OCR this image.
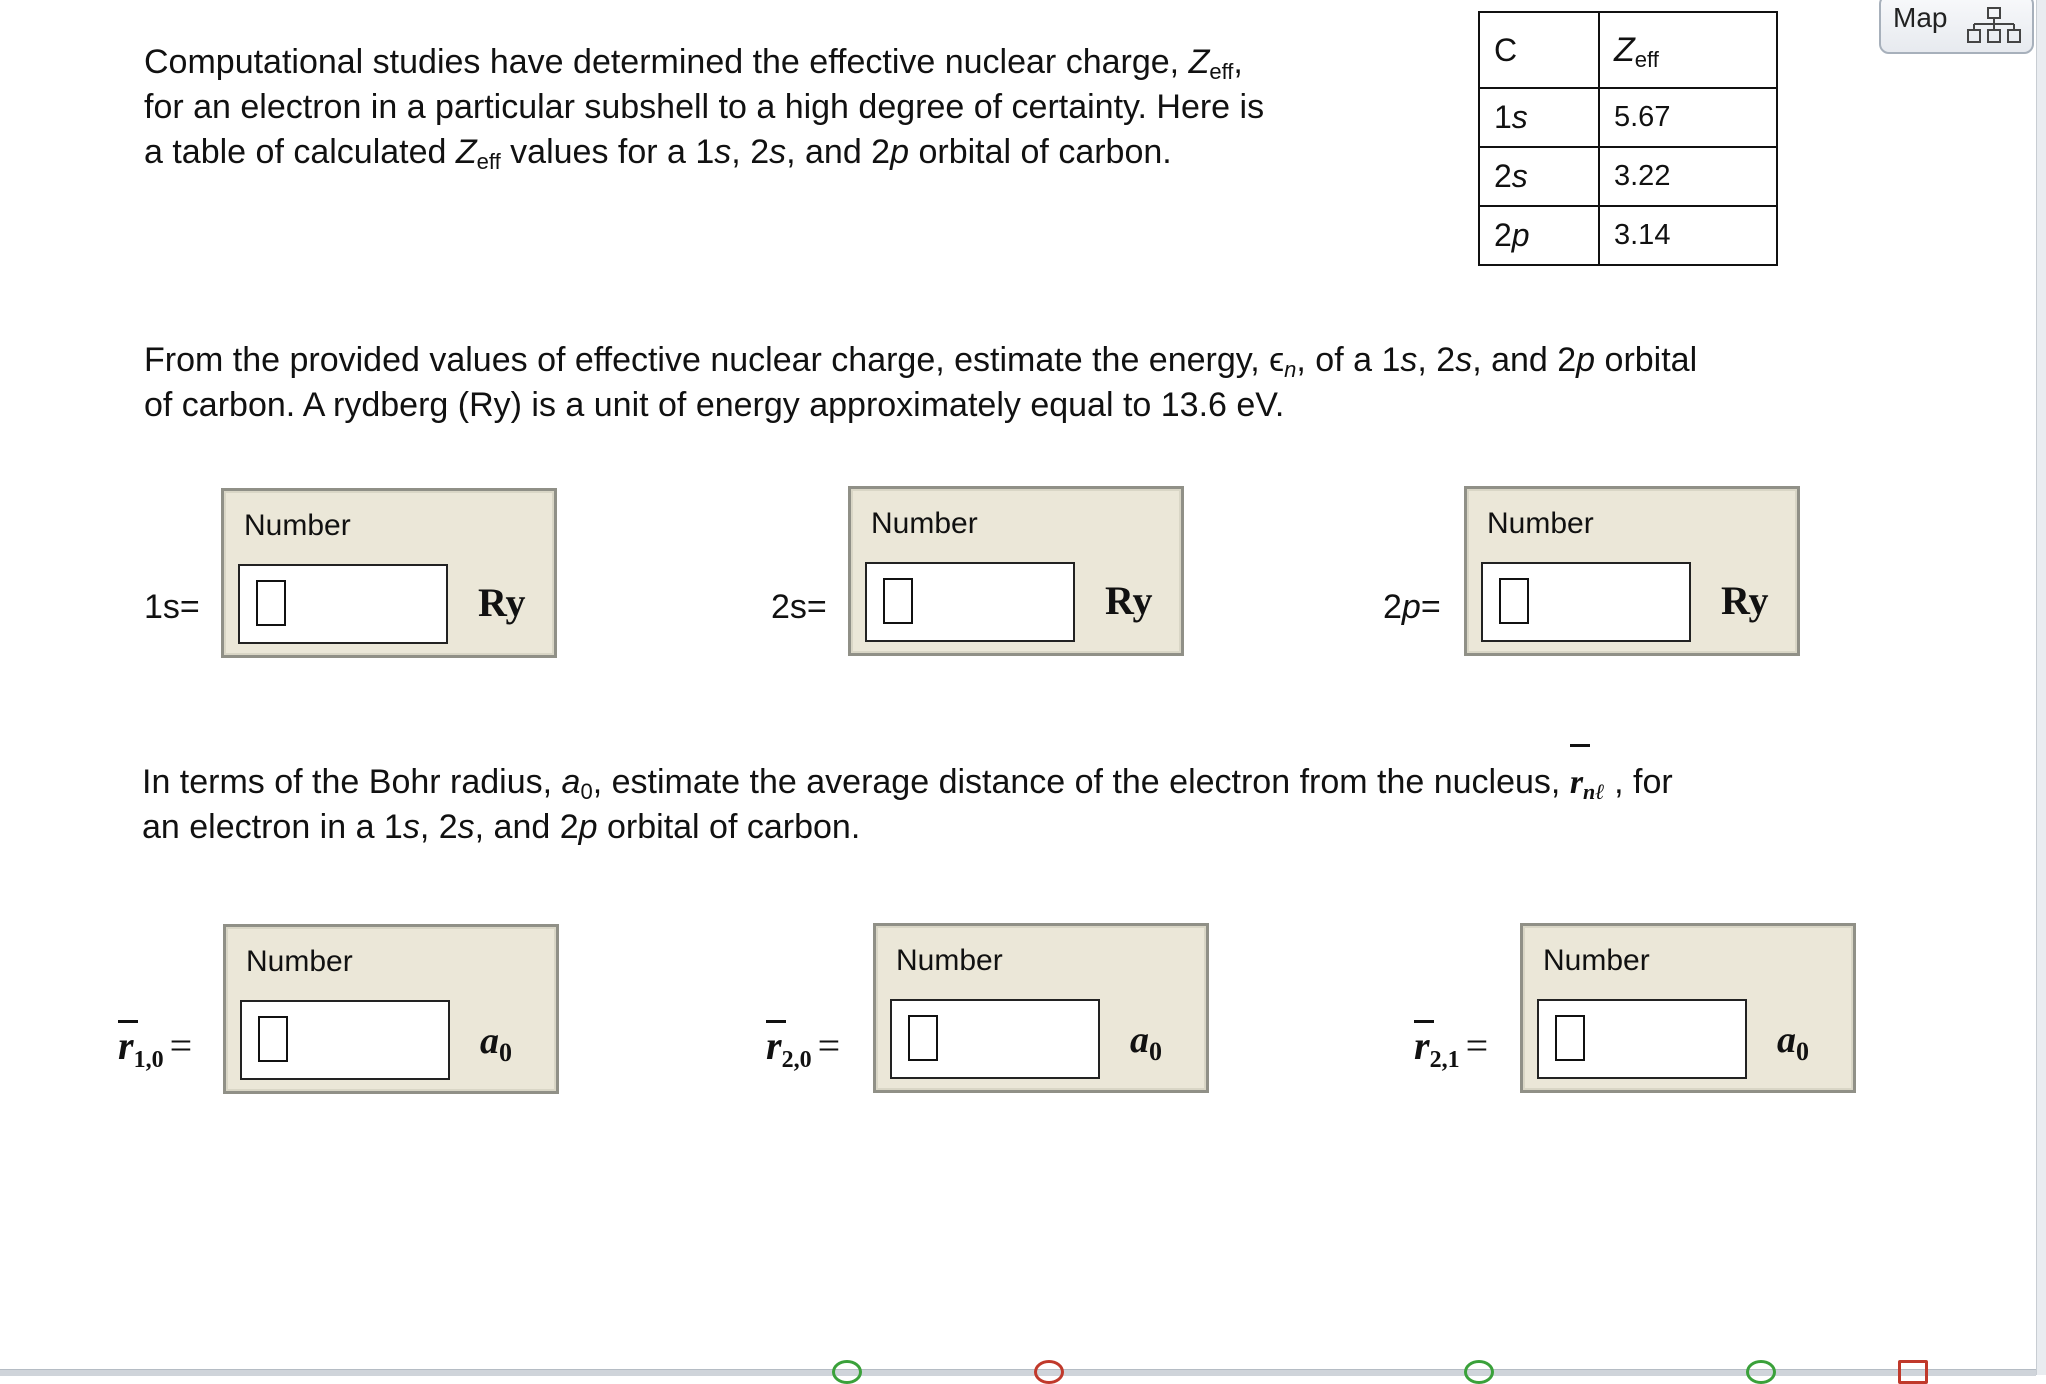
Map

Computational studies have determined the effective nuclear charge, $Z_{eff}$,

for an electron in a particular subshell to a high degree of certainty. Here is

a table of calculated $Z_{eff}$ values for a 1s, 2s, and 2p orbital of carbon.

C	$Z_{eff}$
1s	5.67
2s	3.22
2p	3.14

From the provided values of effective nuclear charge, estimate the energy, $\epsilon_n$, of a 1s, 2s, and 2p orbital

of carbon. A rydberg (Ry) is a unit of energy approximately equal to 13.6 eV.

1s=
Number
Ry	2s=
Number
Ry	2p=
Number
Ry

In terms of the Bohr radius, $a_0$, estimate the average distance of the electron from the nucleus,
$r_{n\ell}$ , for

an electron in a 1s, 2s, and 2p orbital of carbon.

$r_{1,0}$ =
Number
$a_0$	$r_{2,0}$ =
Number
$a_0$	$r_{2,1}$ =
Number
$a_0$
